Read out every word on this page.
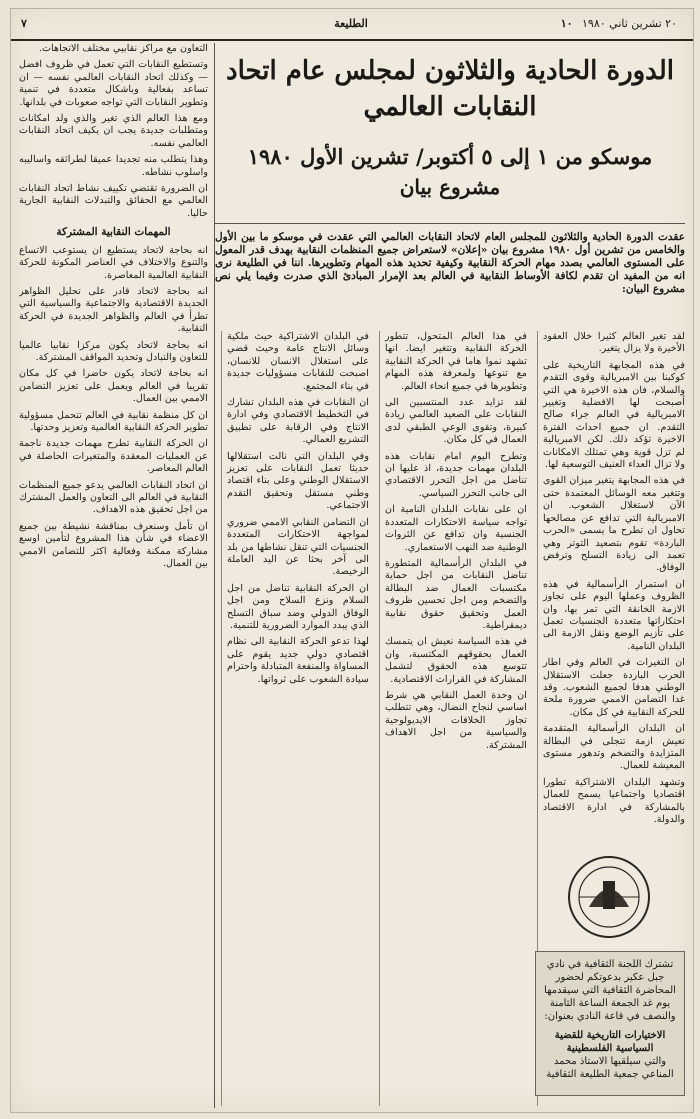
٧	الطليعة	٢٠ تشرين ثاني ١٩٨٠ ١٠
الدورة الحادية والثلاثون لمجلس عام اتحاد النقابات العالمي
موسكو من ١ إلى ٥ أكتوبر/ تشرين الأول ١٩٨٠
مشروع بيان
عقدت الدورة الحادية والثلاثون للمجلس العام لاتحاد النقابات العالمي التي عقدت في موسكو ما بين الأول والخامس من تشرين أول ١٩٨٠ مشروع بيان «إعلان» لاستعراض جميع المنظمات النقابية بهدف قدر المعول على المستوى العالمي بصدد مهام الحركة النقابية وكيفية تحديد هذه المهام وتطويرها. اننا في الطليعة نرى انه من المفيد ان تقدم لكافة الأوساط النقابية في العالم بعد الإمرار المبادئ الذي صدرت وفيما يلي نص مشروع البيان:

لقد تغير العالم كثيرا خلال العقود الأخيرة ولا يزال يتغير.

في هذه المجابهة التاريخية على كوكبنا بين الامبريالية وقوى التقدم والسلام، فان هذه الاخيرة هي التي أصبحت لها الافضلية وتغيير الامبريالية في العالم جراء صالح التقدم. ان جميع احداث الفترة الاخيرة تؤكد ذلك. لكن الامبريالية لم تزل قوية وهي تمتلك الامكانات ولا تزال العداء العنيف التوسعية لها.

في هذه المجابهة يتغير ميزان القوى وتتغير معه الوسائل المعتمدة حتى الآن لاستغلال الشعوب. ان الامبريالية التي تدافع عن مصالحها تحاول ان تطرح ما يسمى «الحرب الباردة» تقوم بتصعيد التوتر وهي تعمد الى زيادة التسلح وترفض الوفاق.

ان استمرار الرأسمالية في هذه الظروف وعملها اليوم على تجاوز الازمة الخانقة التي تمر بها، وان احتكاراتها متعددة الجنسيات تعمل على تأزيم الوضع ونقل الازمة الى البلدان النامية.

ان التغيرات في العالم وفي اطار الحرب الباردة جعلت الاستقلال الوطني هدفا لجميع الشعوب. وقد غدا التضامن الاممي ضرورة ملحة للحركة النقابية في كل مكان.

ان البلدان الرأسمالية المتقدمة تعيش ازمة تتجلى في البطالة المتزايدة والتضخم وتدهور مستوى المعيشة للعمال.

وتشهد البلدان الاشتراكية تطورا اقتصاديا واجتماعيا يسمح للعمال بالمشاركة في ادارة الاقتصاد والدولة.

في هذا العالم المتحول، تتطور الحركة النقابية وتتغير ايضا. انها تشهد نموا هاما في الحركة النقابية مع تنوعها ولمعرفة هذه المهام وتطويرها في جميع انحاء العالم.

لقد تزايد عدد المنتسبين الى النقابات على الصعيد العالمي زيادة كبيرة، وتقوى الوعي الطبقي لدى العمال في كل مكان.

وتطرح اليوم امام نقابات هذه البلدان مهمات جديدة، اذ عليها ان تناضل من اجل التحرر الاقتصادي الى جانب التحرر السياسي.

ان على نقابات البلدان النامية ان تواجه سياسة الاحتكارات المتعددة الجنسية وان تدافع عن الثروات الوطنية ضد النهب الاستعماري.

في البلدان الرأسمالية المتطورة تناضل النقابات من اجل حماية مكتسبات العمال ضد البطالة والتضخم ومن اجل تحسين ظروف العمل وتحقيق حقوق نقابية ديمقراطية.

في هذه السياسة نعيش ان يتمسك العمال بحقوقهم المكتسبة، وان تتوسع هذه الحقوق لتشمل المشاركة في القرارات الاقتصادية.

ان وحدة العمل النقابي هي شرط اساسي لنجاح النضال، وهي تتطلب تجاوز الخلافات الايديولوجية والسياسية من اجل الاهداف المشتركة.

في البلدان الاشتراكية حيث ملكية وسائل الانتاج عامة وحيث قضي على استغلال الانسان للانسان، اصبحت للنقابات مسؤوليات جديدة في بناء المجتمع.

ان النقابات في هذه البلدان تشارك في التخطيط الاقتصادي وفي ادارة الانتاج وفي الرقابة على تطبيق التشريع العمالي.

وفي البلدان التي نالت استقلالها حديثا تعمل النقابات على تعزيز الاستقلال الوطني وعلى بناء اقتصاد وطني مستقل وتحقيق التقدم الاجتماعي.

ان التضامن النقابي الاممي ضروري لمواجهة الاحتكارات المتعددة الجنسيات التي تنقل نشاطها من بلد الى آخر بحثا عن اليد العاملة الرخيصة.

ان الحركة النقابية تناضل من اجل السلام ونزع السلاح ومن اجل الوفاق الدولي وضد سباق التسلح الذي يبدد الموارد الضرورية للتنمية.

لهذا تدعو الحركة النقابية الى نظام اقتصادي دولي جديد يقوم على المساواة والمنفعة المتبادلة واحترام سيادة الشعوب على ثرواتها.

تشترك اللجنة الثقافية في نادي جبل عكير بدعوتكم لحضور المحاضرة الثقافية التي سيقدمها يوم غد الجمعة الساعة الثامنة والنصف في قاعة النادي بعنوان:
الاختيارات التاريخية للقضية السياسية الفلسطينية
والتي سيلقيها الاستاذ محمد المناعي جمعية الطليعة الثقافية

التعاون مع مراكز نقابيي مختلف الاتجاهات.

وتستطيع النقابات التي تعمل في ظروف افضل — وكذلك اتحاد النقابات العالمي نفسه — ان تساعد بفعالية وباشكال متعددة في تنمية وتطوير النقابات التي تواجه صعوبات في بلدانها.

ومع هذا العالم الذي تغير والذي ولد امكانات ومتطلبات جديدة يجب ان يكيف اتحاد النقابات العالمي نفسه.

وهذا يتطلب منه تجديدا عميقا لطرائقه واساليبه واسلوب نشاطه.

ان الضرورة تقتضي تكييف نشاط اتحاد النقابات العالمي مع الحقائق والتبدلات النقابية الجارية حاليا.

المهمات النقابية المشتركة

انه بحاجة لاتحاد يستطيع ان يستوعب الاتساع والتنوع والاختلاف في العناصر المكونة للحركة النقابية العالمية المعاصرة.

انه بحاجة لاتحاد قادر على تحليل الظواهر الجديدة الاقتصادية والاجتماعية والسياسية التي تطرأ في العالم والظواهر الجديدة في الحركة النقابية.

انه بحاجة لاتحاد يكون مركزا نقابيا عالميا للتعاون والتبادل وتحديد المواقف المشتركة.

انه بحاجة لاتحاد يكون حاضرا في كل مكان تقريبا في العالم ويعمل على تعزيز التضامن الاممي بين العمال.

ان كل منظمة نقابية في العالم تتحمل مسؤولية تطوير الحركة النقابية العالمية وتعزيز وحدتها.

ان الحركة النقابية تطرح مهمات جديدة ناجمة عن العمليات المعقدة والمتغيرات الحاصلة في العالم المعاصر.

ان اتحاد النقابات العالمي يدعو جميع المنظمات النقابية في العالم الى التعاون والعمل المشترك من اجل تحقيق هذه الاهداف.

ان تأمل وسنعرف بمناقشة نشيطة بين جميع الاعضاء في شأن هذا المشروع لتأمين اوسع مشاركة ممكنة وفعالية اكثر للتضامن الاممي بين العمال.
